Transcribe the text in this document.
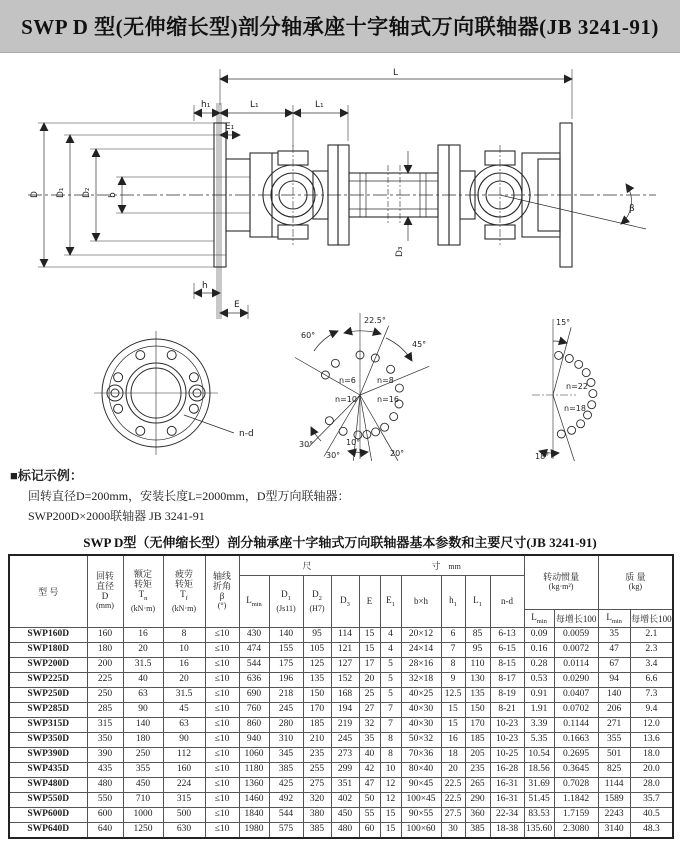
SWP D 型(无伸缩长型)剖分轴承座十字轴式万向联轴器(JB 3241-91)
L
h₁	L₁	L₁
E₁
D D₁ D₂ b
h
E
D₃
β
n-d
22.5°
60°
45°
n=6	n=8
n=10	n=16
30°	10°
30°	20°
15°
n=22
n=18
18°
■标记示例：
回转直径D=200mm，安装长度L=2000mm，D型万向联轴器：
SWP200D×2000联轴器 JB 3241-91
SWP D型（无伸缩长型）剖分轴承座十字轴式万向联轴器基本参数和主要尺寸(JB 3241-91)
型 号	
回转
直径
D
(mm)

额定
转矩
$T_n$
(kN·m)

疲劳
转矩
$T_f$
(kN·m)

轴线
折角
β
(°)
	尺	寸 mm	
转动惯量
(kg·m²)

质 量
(kg)

$L_{min}$	
$D_1$
(Js11)

$D_2$
(H7)
	$D_3$	E	$E_1$	b×h	$h_1$	$L_1$	n-d
															$L_{min}$	每增长100	$L_{min}$	每增长100
SWP160D	160	16	8	≤10	430	140	95	114	15	4	20×12	6	85	6-13	0.09	0.0059	35	2.1
SWP180D	180	20	10	≤10	474	155	105	121	15	4	24×14	7	95	6-15	0.16	0.0072	47	2.3
SWP200D	200	31.5	16	≤10	544	175	125	127	17	5	28×16	8	110	8-15	0.28	0.0114	67	3.4
SWP225D	225	40	20	≤10	636	196	135	152	20	5	32×18	9	130	8-17	0.53	0.0290	94	6.6
SWP250D	250	63	31.5	≤10	690	218	150	168	25	5	40×25	12.5	135	8-19	0.91	0.0407	140	7.3
SWP285D	285	90	45	≤10	760	245	170	194	27	7	40×30	15	150	8-21	1.91	0.0702	206	9.4
SWP315D	315	140	63	≤10	860	280	185	219	32	7	40×30	15	170	10-23	3.39	0.1144	271	12.0
SWP350D	350	180	90	≤10	940	310	210	245	35	8	50×32	16	185	10-23	5.35	0.1663	355	13.6
SWP390D	390	250	112	≤10	1060	345	235	273	40	8	70×36	18	205	10-25	10.54	0.2695	501	18.0
SWP435D	435	355	160	≤10	1180	385	255	299	42	10	80×40	20	235	16-28	18.56	0.3645	825	20.0
SWP480D	480	450	224	≤10	1360	425	275	351	47	12	90×45	22.5	265	16-31	31.69	0.7028	1144	28.0
SWP550D	550	710	315	≤10	1460	492	320	402	50	12	100×45	22.5	290	16-31	51.45	1.1842	1589	35.7
SWP600D	600	1000	500	≤10	1840	544	380	450	55	15	90×55	27.5	360	22-34	83.53	1.7159	2243	40.5
SWP640D	640	1250	630	≤10	1980	575	385	480	60	15	100×60	30	385	18-38	135.60	2.3080	3140	48.3
